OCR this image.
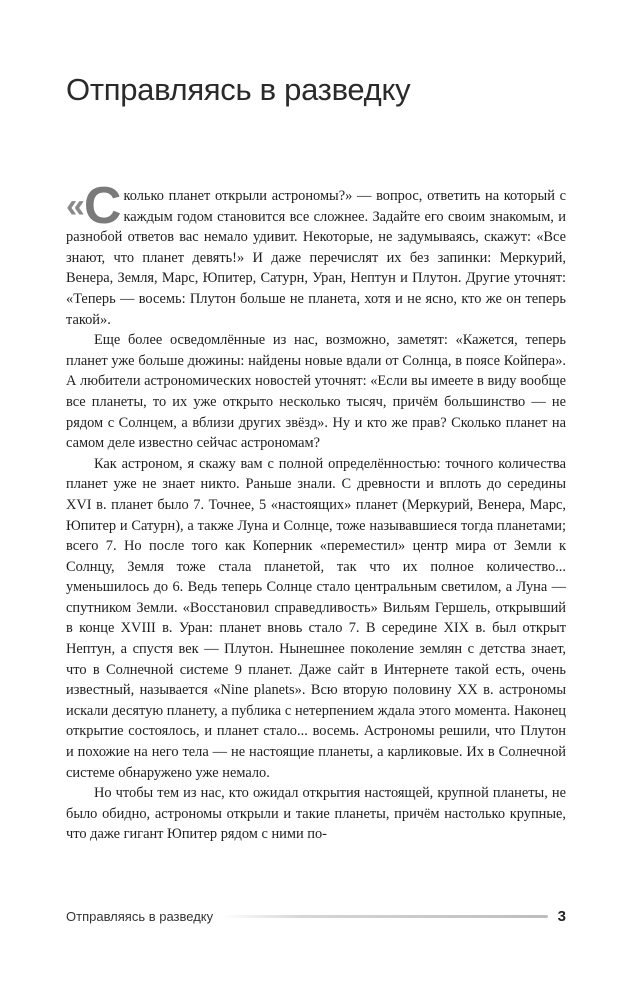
Отправляясь в разведку

« С колько планет открыли астрономы?» — вопрос, ответить на который с каждым годом становится все сложнее. Задайте его своим знакомым, и разнобой ответов вас немало удивит. Некоторые, не задумываясь, скажут: «Все знают, что планет девять!» И даже перечислят их без запинки: Меркурий, Венера, Земля, Марс, Юпитер, Сатурн, Уран, Нептун и Плутон. Другие уточнят: «Теперь — восемь: Плутон больше не планета, хотя и не ясно, кто же он теперь такой».

Еще более осведомлённые из нас, возможно, заметят: «Кажется, теперь планет уже больше дюжины: найдены новые вдали от Солнца, в поясе Койпера». А любители астрономических новостей уточнят: «Если вы имеете в виду вообще все планеты, то их уже открыто несколько тысяч, причём большинство — не рядом с Солнцем, а вблизи других звёзд». Ну и кто же прав? Сколько планет на самом деле известно сейчас астрономам?

Как астроном, я скажу вам с полной определённостью: точного количества планет уже не знает никто. Раньше знали. С древности и вплоть до середины XVI в. планет было 7. Точнее, 5 «настоящих» планет (Меркурий, Венера, Марс, Юпитер и Сатурн), а также Луна и Солнце, тоже называвшиеся тогда планетами; всего 7. Но после того как Коперник «переместил» центр мира от Земли к Солнцу, Земля тоже стала планетой, так что их полное количество... уменьшилось до 6. Ведь теперь Солнце стало центральным светилом, а Луна — спутником Земли. «Восстановил справедливость» Вильям Гершель, открывший в конце XVIII в. Уран: планет вновь стало 7. В середине XIX в. был открыт Нептун, а спустя век — Плутон. Нынешнее поколение землян с детства знает, что в Солнечной системе 9 планет. Даже сайт в Интернете такой есть, очень известный, называется «Nine planets». Всю вторую половину XX в. астрономы искали десятую планету, а публика с нетерпением ждала этого момента. Наконец открытие состоялось, и планет стало... восемь. Астрономы решили, что Плутон и похожие на него тела — не настоящие планеты, а карликовые. Их в Солнечной системе обнаружено уже немало.

Но чтобы тем из нас, кто ожидал открытия настоящей, крупной планеты, не было обидно, астрономы открыли и такие планеты, причём настолько крупные, что даже гигант Юпитер рядом с ними по-

Отправляясь в разведку	3
